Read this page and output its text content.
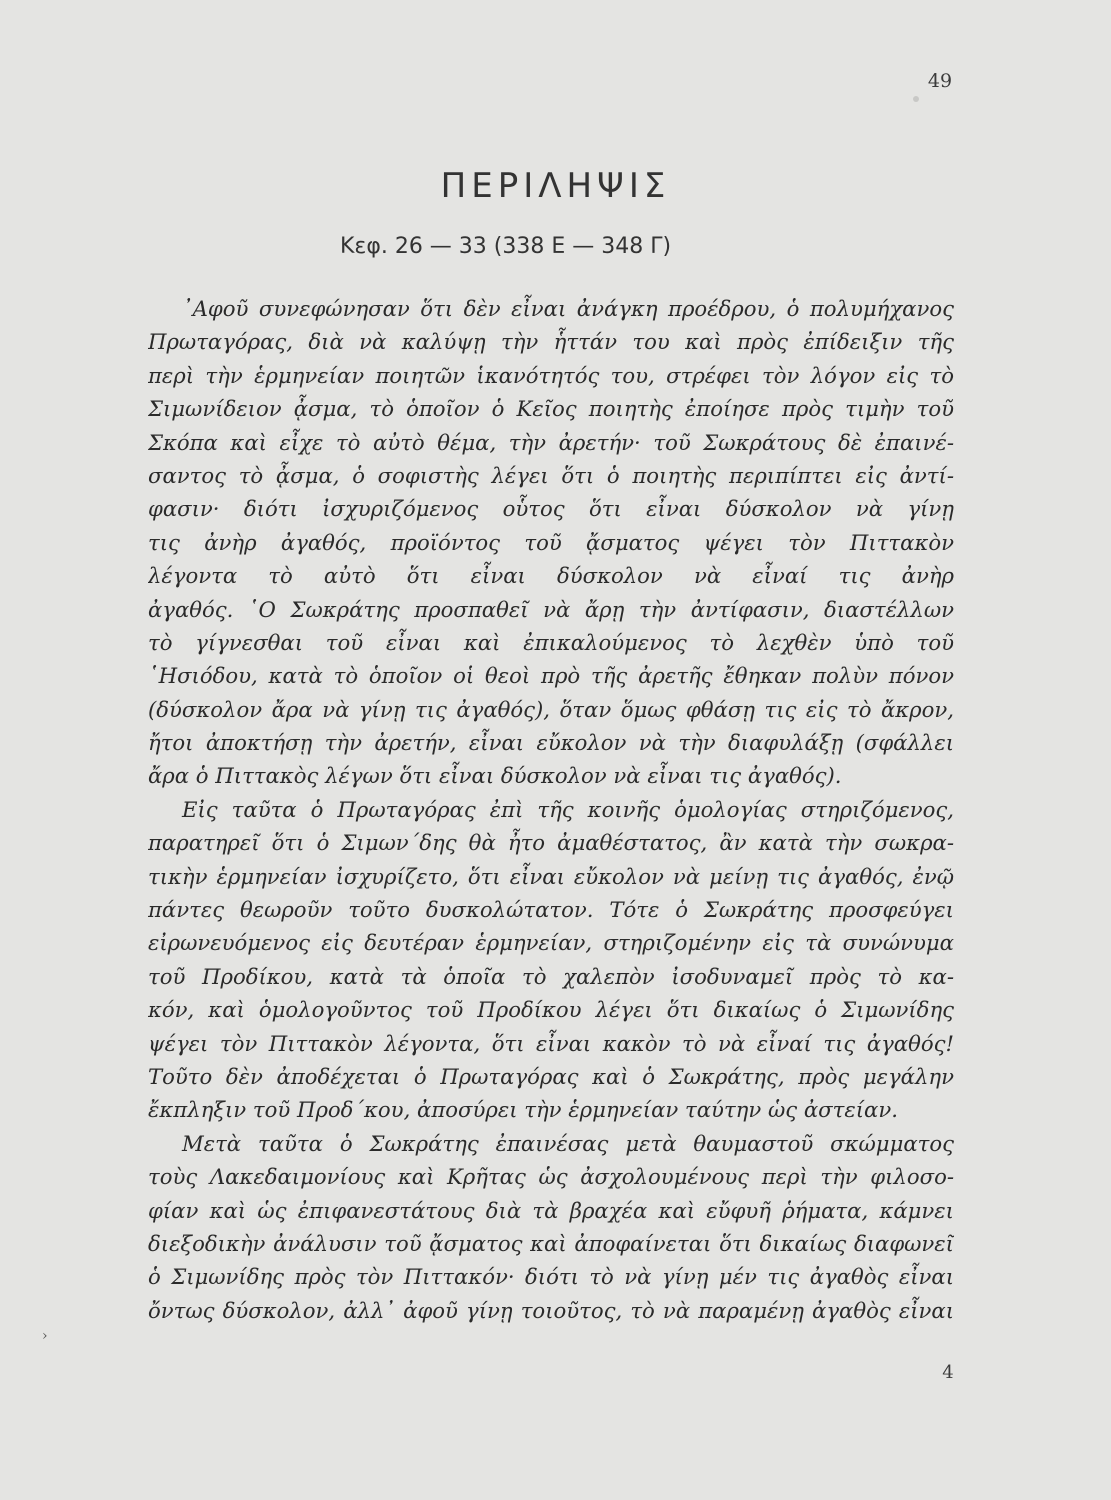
49
ΠΕΡΙΛΗΨΙΣ
Κεφ. 26 — 33 (338 Ε — 348 Γ)
᾿Αφοῦ συνεφώνησαν ὅτι δὲν εἶναι ἀνάγκη προέδρου, ὁ πολυμήχανος
Πρωταγόρας, διὰ νὰ καλύψῃ τὴν ἧττάν του καὶ πρὸς ἐπίδειξιν τῆς
περὶ τὴν ἑρμηνείαν ποιητῶν ἱκανότητός του, στρέφει τὸν λόγον εἰς τὸ
Σιμωνίδειον ᾆσμα, τὸ ὁποῖον ὁ Κεῖος ποιητὴς ἐποίησε πρὸς τιμὴν τοῦ
Σκόπα καὶ εἶχε τὸ αὐτὸ θέμα, τὴν ἀρετήν· τοῦ Σωκράτους δὲ ἐπαινέ-
σαντος τὸ ᾆσμα, ὁ σοφιστὴς λέγει ὅτι ὁ ποιητὴς περιπίπτει εἰς ἀντί-
φασιν· διότι ἰσχυριζόμενος οὗτος ὅτι εἶναι δύσκολον νὰ γίνῃ
τις ἀνὴρ ἀγαθός, προϊόντος τοῦ ᾄσματος ψέγει τὸν Πιττακὸν
λέγοντα τὸ αὐτὸ ὅτι εἶναι δύσκολον νὰ εἶναί τις ἀνὴρ
ἀγαθός. ῾Ο Σωκράτης προσπαθεῖ νὰ ἄρῃ τὴν ἀντίφασιν, διαστέλλων
τὸ γίγνεσθαι τοῦ εἶναι καὶ ἐπικαλούμενος τὸ λεχθὲν ὑπὸ τοῦ
῾Ησιόδου, κατὰ τὸ ὁποῖον οἱ θεοὶ πρὸ τῆς ἀρετῆς ἔθηκαν πολὺν πόνον
(δύσκολον ἄρα νὰ γίνῃ τις ἀγαθός), ὅταν ὅμως φθάσῃ τις εἰς τὸ ἄκρον,
ἤτοι ἀποκτήσῃ τὴν ἀρετήν, εἶναι εὔκολον νὰ τὴν διαφυλάξῃ (σφάλλει
ἄρα ὁ Πιττακὸς λέγων ὅτι εἶναι δύσκολον νὰ εἶναι τις ἀγαθός).
Εἰς ταῦτα ὁ Πρωταγόρας ἐπὶ τῆς κοινῆς ὁμολογίας στηριζόμενος,
παρατηρεῖ ὅτι ὁ Σιμων΄δης θὰ ἦτο ἀμαθέστατος, ἂν κατὰ τὴν σωκρα-
τικὴν ἑρμηνείαν ἰσχυρίζετο, ὅτι εἶναι εὔκολον νὰ μείνῃ τις ἀγαθός, ἐνῷ
πάντες θεωροῦν τοῦτο δυσκολώτατον. Τότε ὁ Σωκράτης προσφεύγει
εἰρωνευόμενος εἰς δευτέραν ἑρμηνείαν, στηριζομένην εἰς τὰ συνώνυμα
τοῦ Προδίκου, κατὰ τὰ ὁποῖα τὸ χαλεπὸν ἰσοδυναμεῖ πρὸς τὸ κα-
κόν, καὶ ὁμολογοῦντος τοῦ Προδίκου λέγει ὅτι δικαίως ὁ Σιμωνίδης
ψέγει τὸν Πιττακὸν λέγοντα, ὅτι εἶναι κακὸν τὸ νὰ εἶναί τις ἀγαθός!
Τοῦτο δὲν ἀποδέχεται ὁ Πρωταγόρας καὶ ὁ Σωκράτης, πρὸς μεγάλην
ἔκπληξιν τοῦ Προδ΄κου, ἀποσύρει τὴν ἑρμηνείαν ταύτην ὡς ἀστείαν.
Μετὰ ταῦτα ὁ Σωκράτης ἐπαινέσας μετὰ θαυμαστοῦ σκώμματος
τοὺς Λακεδαιμονίους καὶ Κρῆτας ὡς ἀσχολουμένους περὶ τὴν φιλοσο-
φίαν καὶ ὡς ἐπιφανεστάτους διὰ τὰ βραχέα καὶ εὔφυῆ ῥήματα, κάμνει
διεξοδικὴν ἀνάλυσιν τοῦ ᾄσματος καὶ ἀποφαίνεται ὅτι δικαίως διαφωνεῖ
ὁ Σιμωνίδης πρὸς τὸν Πιττακόν· διότι τὸ νὰ γίνῃ μέν τις ἀγαθὸς εἶναι
ὄντως δύσκολον, ἀλλ᾿ ἀφοῦ γίνῃ τοιοῦτος, τὸ νὰ παραμένῃ ἀγαθὸς εἶναι
›
4
